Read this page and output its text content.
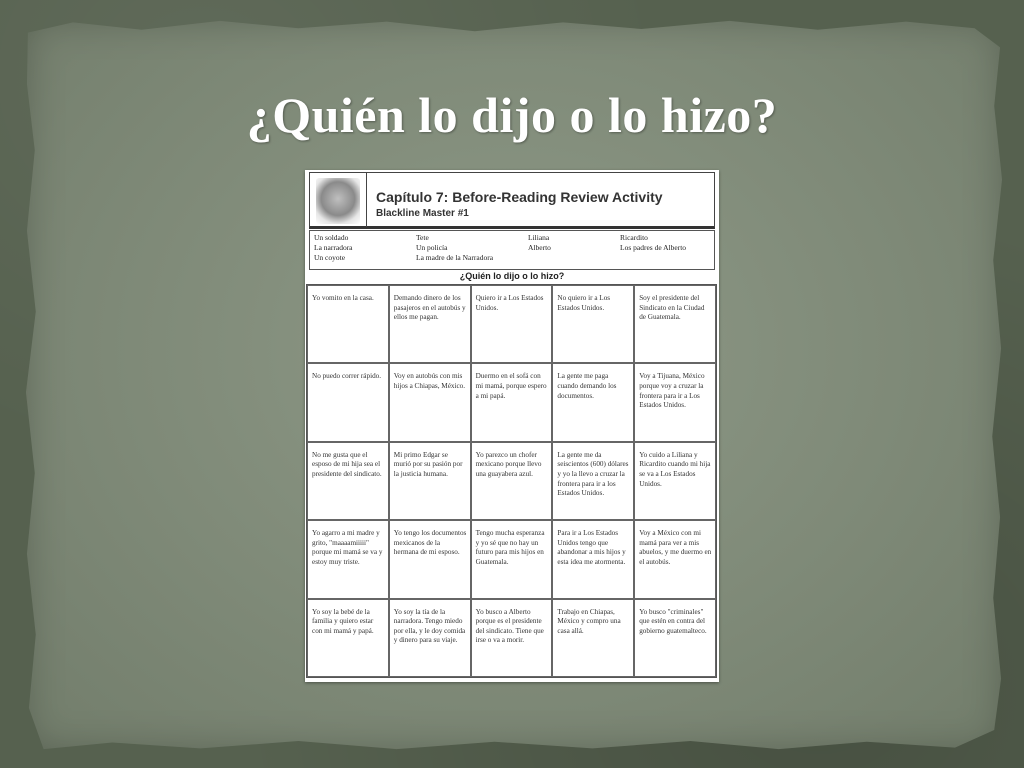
¿Quién lo dijo o lo hizo?
Capítulo 7: Before-Reading Review Activity
Blackline Master #1
Un soldado
La narradora
Un coyote
Tete
Un policía
La madre de la Narradora
Liliana
Alberto
Ricardito
Los padres de Alberto
¿Quién lo dijo o lo hizo?
Yo vomito en la casa.	Demando dinero de los pasajeros en el autobús y ellos me pagan.
Quiero ir a Los Estados Unidos.
No quiero ir a Los Estados Unidos.
Soy el presidente del Sindicato en la Ciudad de Guatemala.
No puedo correr rápido.	Voy en autobús con mis hijos a Chiapas, México.
Duermo en el sofá con mi mamá, porque espero a mi papá.
La gente me paga cuando demando los documentos.
Voy a Tijuana, México porque voy a cruzar la frontera para ir a Los Estados Unidos.
No me gusta que el esposo de mi hija sea el presidente del sindicato.
Mi primo Edgar se murió por su pasión por la justicia humana.
Yo parezco un chofer mexicano porque llevo una guayabera azul.
La gente me da seiscientos (600) dólares y yo la llevo a cruzar la frontera para ir a los Estados Unidos.
Yo cuido a Liliana y Ricardito cuando mi hija se va a Los Estados Unidos.
Yo agarro a mi madre y grito, "maaaamiiiii" porque mi mamá se va y estoy muy triste.
Yo tengo los documentos mexicanos de la hermana de mi esposo.
Tengo mucha esperanza y yo sé que no hay un futuro para mis hijos en Guatemala.
Para ir a Los Estados Unidos tengo que abandonar a mis hijos y esta idea me atormenta.
Voy a México con mi mamá para ver a mis abuelos, y me duermo en el autobús.
Yo soy la bebé de la familia y quiero estar con mi mamá y papá.
Yo soy la tía de la narradora. Tengo miedo por ella, y le doy comida y dinero para su viaje.
Yo busco a Alberto porque es el presidente del sindicato. Tiene que irse o va a morir.
Trabajo en Chiapas, México y compro una casa allá.
Yo busco "criminales" que estén en contra del gobierno guatemalteco.
